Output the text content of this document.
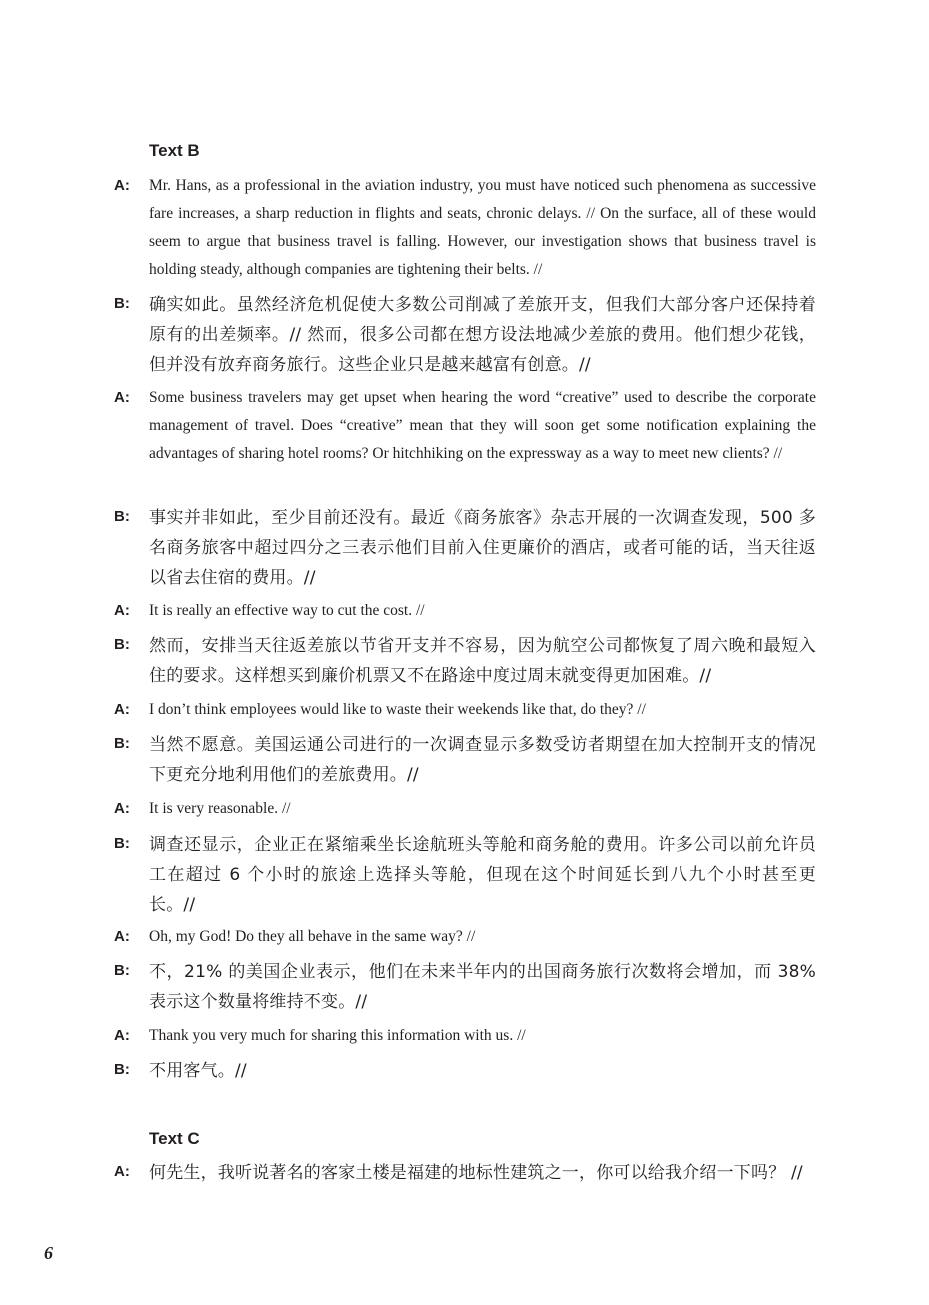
Text B
A: Mr. Hans, as a professional in the aviation industry, you must have noticed such phenomena as successive fare increases, a sharp reduction in flights and seats, chronic delays. // On the surface, all of these would seem to argue that business travel is falling. However, our investigation shows that business travel is holding steady, although companies are tightening their belts. //
B: 确实如此。虽然经济危机促使大多数公司削减了差旅开支，但我们大部分客户还保持着原有的出差频率。// 然而，很多公司都在想方设法地减少差旅的费用。他们想少花钱，但并没有放弃商务旅行。这些企业只是越来越富有创意。//
A: Some business travelers may get upset when hearing the word “creative” used to describe the corporate management of travel. Does “creative” mean that they will soon get some notification explaining the advantages of sharing hotel rooms? Or hitchhiking on the expressway as a way to meet new clients? //
B: 事实并非如此，至少目前还没有。最近《商务旅客》杂志开展的一次调查发现，500 多名商务旅客中超过四分之三表示他们目前入住更廉价的酒店，或者可能的话，当天往返以省去住宿的费用。//
A: It is really an effective way to cut the cost. //
B: 然而，安排当天往返差旅以节省开支并不容易，因为航空公司都恢复了周六晚和最短入住的要求。这样想买到廉价机票又不在路途中度过周末就变得更加困难。//
A: I don’t think employees would like to waste their weekends like that, do they? //
B: 当然不愿意。美国运通公司进行的一次调查显示多数受访者期望在加大控制开支的情况下更充分地利用他们的差旅费用。//
A: It is very reasonable. //
B: 调查还显示，企业正在紧缩乘坐长途航班头等舱和商务舱的费用。许多公司以前允许员工在超过 6 个小时的旅途上选择头等舱，但现在这个时间延长到八九个小时甚至更长。//
A: Oh, my God! Do they all behave in the same way? //
B: 不，21% 的美国企业表示，他们在未来半年内的出国商务旅行次数将会增加，而 38% 表示这个数量将维持不变。//
A: Thank you very much for sharing this information with us. //
B: 不用客气。//
Text C
A: 何先生，我听说著名的客家土楼是福建的地标性建筑之一，你可以给我介绍一下吗？ //
6
